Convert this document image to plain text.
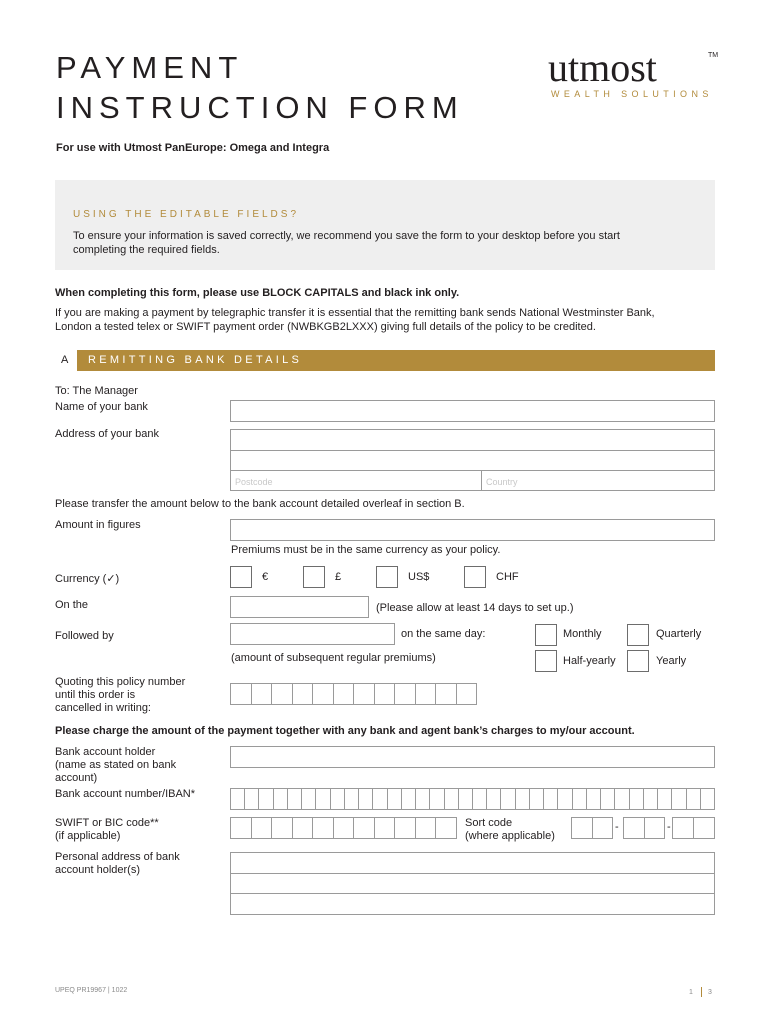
PAYMENT
INSTRUCTION FORM
utmost	TM
WEALTH SOLUTIONS
For use with Utmost PanEurope: Omega and Integra
USING THE EDITABLE FIELDS?
To ensure your information is saved correctly, we recommend you save the form to your desktop before you start
completing the required fields.
When completing this form, please use BLOCK CAPITALS and black ink only.
If you are making a payment by telegraphic transfer it is essential that the remitting bank sends National Westminster Bank,
London a tested telex or SWIFT payment order (NWBKGB2LXXX) giving full details of the policy to be credited.
A REMITTING BANK DETAILS
To: The Manager
Name of your bank
Address of your bank
Postcode	Country
Please transfer the amount below to the bank account detailed overleaf in section B.
Amount in figures
Premiums must be in the same currency as your policy.
Currency (✓)	€	£	US$	CHF
On the	(Please allow at least 14 days to set up.)
Followed by	on the same day:	Monthly	Quarterly
(amount of subsequent regular premiums)	Half-yearly	Yearly
Quoting this policy number
until this order is
cancelled in writing:
Please charge the amount of the payment together with any bank and agent bank’s charges to my/our account.
Bank account holder
(name as stated on bank
account)
Bank account number/IBAN*
SWIFT or BIC code**
(if applicable)
Sort code
(where applicable)
-	-
Personal address of bank
account holder(s)
UPEQ PR19967 | 1022	1 3
